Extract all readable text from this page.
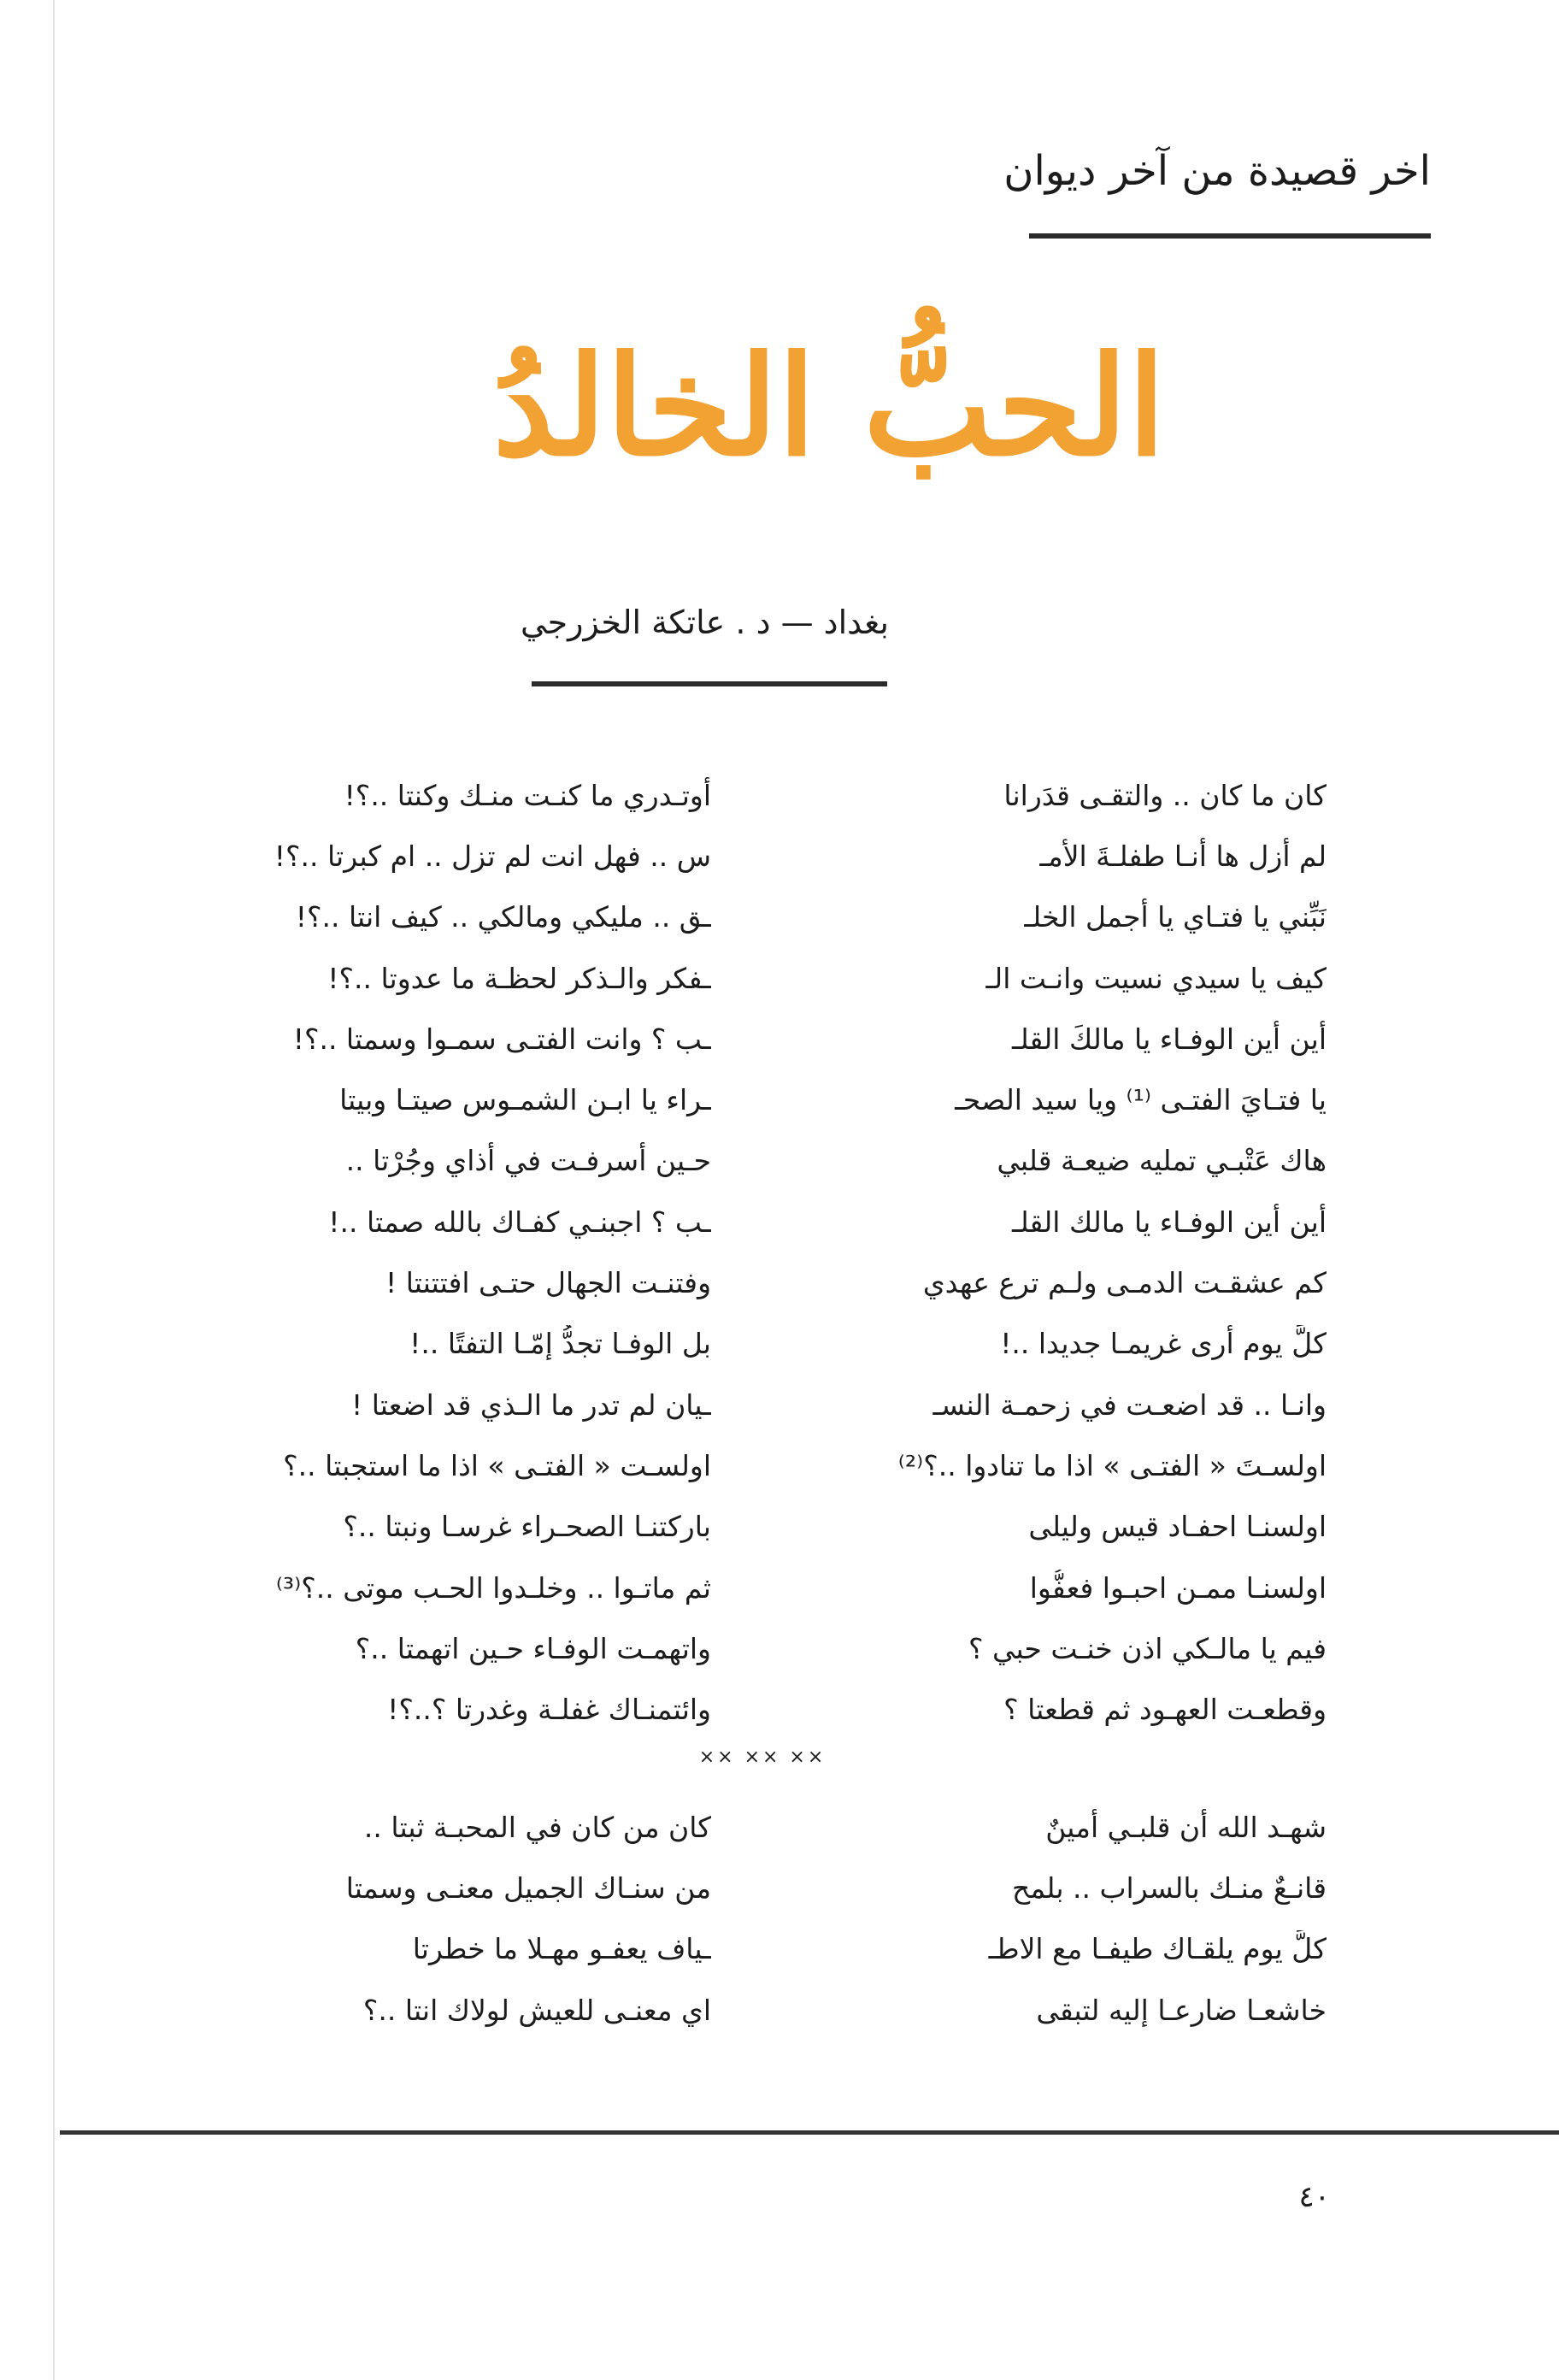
اخر قصيدة من آخر ديوان
الحبُّ الخالدُ
بغداد — د . عاتكة الخزرجي
كان ما كان .. والتقـى قدَرانا
أوتـدري ما كنـت منـك وكنتا ..؟!
لم أزل ها أنـا طفلـةَ الأمـ
س .. فهل انت لم تزل .. ام كبرتا ..؟!
نَبِّني يا فتـاي يا أجمل الخلـ
ـق .. مليكي ومالكي .. كيف انتا ..؟!
كيف يا سيدي نسيت وانـت الـ
ـفكر والـذكر لحظـة ما عدوتا ..؟!
أين أين الوفـاء يا مالكَ القلـ
ـب ؟ وانت الفتـى سمـوا وسمتا ..؟!
يا فتـايَ الفتـى ⁽¹⁾ ويا سيد الصحـ
ـراء يا ابـن الشمـوس صيتـا وبيتا
هاك عَتْبـي تمليه ضيعـة قلبي
حـين أسرفـت في أذاي وجُرْتا ..
أين أين الوفـاء يا مالك القلـ
ـب ؟ اجبنـي كفـاك بالله صمتا ..!
كم عشقـت الدمـى ولـم ترع عهدي
وفتنـت الجهال حتـى افتتنتا !
كلَّ يوم أرى غريمـا جديدا ..!
بل الوفـا تجدُّ إمّـا التفتًا ..!
وانـا .. قد اضعـت في زحمـة النسـ
ـيان لم تدر ما الـذي قد اضعتا !
اولسـتَ « الفتـى » اذا ما تنادوا ..؟⁽²⁾
اولسـت « الفتـى » اذا ما استجبتا ..؟
اولسنـا احفـاد قيس وليلى
باركتنـا الصحـراء غرسـا ونبتا ..؟
اولسنـا ممـن احبـوا فعفُّوا
ثم ماتـوا .. وخلـدوا الحـب موتى ..؟⁽³⁾
فيم يا مالـكي اذن خنـت حبي ؟
واتهمـت الوفـاء حـين اتهمتا ..؟
وقطعـت العهـود ثم قطعتا ؟
وائتمنـاك غفلـة وغدرتا ؟..؟!
×× ×× ××
شهـد الله أن قلبـي أمينٌ
كان من كان في المحبـة ثبتا ..
قانـعٌ منـك بالسراب .. بلمح
من سنـاك الجميل معنـى وسمتا
كلَّ يوم يلقـاك طيفـا مع الاطـ
ـياف يعفـو مهـلا ما خطرتا
خاشعـا ضارعـا إليه لتبقى
اي معنـى للعيش لولاك انتا ..؟
٤٠
